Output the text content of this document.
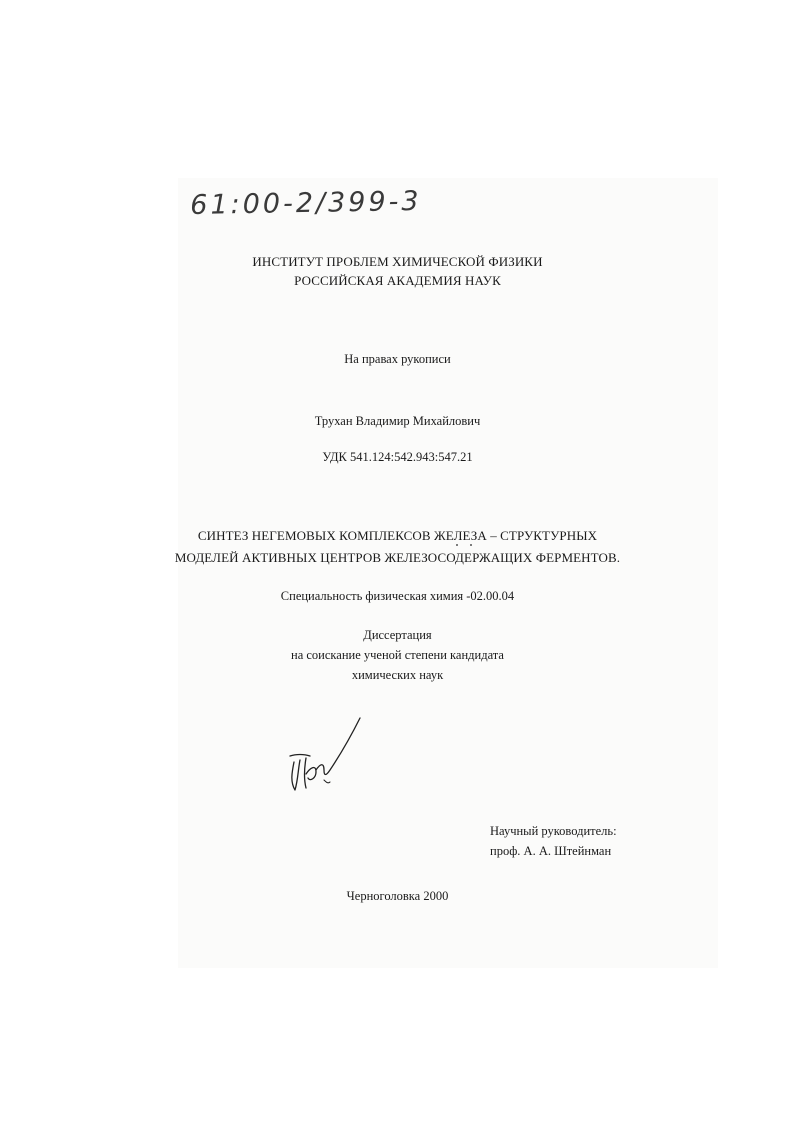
61:00-2/399-3
ИНСТИТУТ ПРОБЛЕМ ХИМИЧЕСКОЙ ФИЗИКИ
РОССИЙСКАЯ АКАДЕМИЯ НАУК
На правах рукописи
Трухан Владимир Михайлович
УДК 541.124:542.943:547.21
СИНТЕЗ НЕГЕМОВЫХ КОМПЛЕКСОВ ЖЕЛЕЗА – СТРУКТУРНЫХ
МОДЕЛЕЙ АКТИВНЫХ ЦЕНТРОВ ЖЕЛЕЗОСОДЕРЖАЩИХ ФЕРМЕНТОВ.
Специальность физическая химия -02.00.04
Диссертация
на соискание ученой степени кандидата
химических наук
Научный руководитель:
проф. А. А. Штейнман
Черноголовка 2000
